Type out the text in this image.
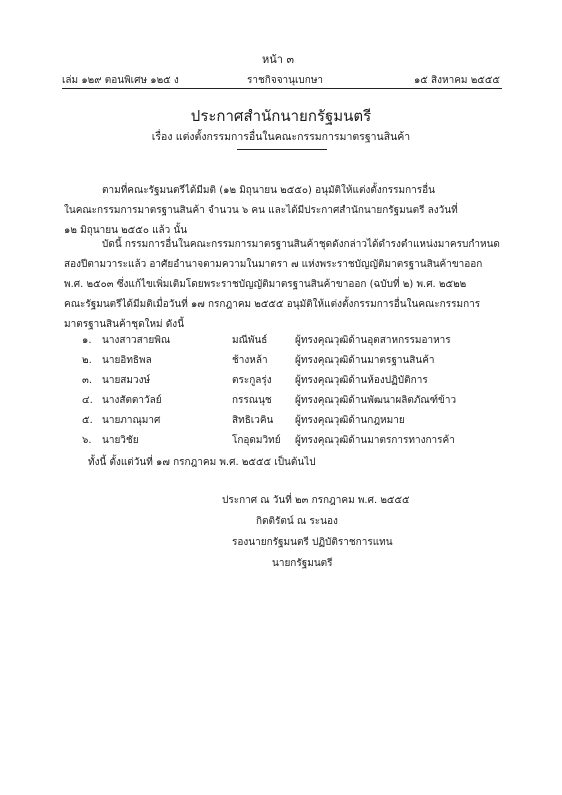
หน้า ๓
เล่ม ๑๒๙ ตอนพิเศษ ๑๒๕ ง	ราชกิจจานุเบกษา	๑๕ สิงหาคม ๒๕๕๕
ประกาศสำนักนายกรัฐมนตรี
เรื่อง แต่งตั้งกรรมการอื่นในคณะกรรมการมาตรฐานสินค้า
ตามที่คณะรัฐมนตรีได้มีมติ (๑๒ มิถุนายน ๒๕๕๐) อนุมัติให้แต่งตั้งกรรมการอื่น
ในคณะกรรมการมาตรฐานสินค้า จำนวน ๖ คน และได้มีประกาศสำนักนายกรัฐมนตรี ลงวันที่
๑๒ มิถุนายน ๒๕๕๐ แล้ว นั้น
บัดนี้ กรรมการอื่นในคณะกรรมการมาตรฐานสินค้าชุดดังกล่าวได้ดำรงตำแหน่งมาครบกำหนด
สองปีตามวาระแล้ว อาศัยอำนาจตามความในมาตรา ๗ แห่งพระราชบัญญัติมาตรฐานสินค้าขาออก
พ.ศ. ๒๕๐๓ ซึ่งแก้ไขเพิ่มเติมโดยพระราชบัญญัติมาตรฐานสินค้าขาออก (ฉบับที่ ๒) พ.ศ. ๒๕๒๒
คณะรัฐมนตรีได้มีมติเมื่อวันที่ ๑๗ กรกฎาคม ๒๕๕๕ อนุมัติให้แต่งตั้งกรรมการอื่นในคณะกรรมการ
มาตรฐานสินค้าชุดใหม่ ดังนี้
๑. นางสาวสายพิณ	มณีพันธ์	ผู้ทรงคุณวุฒิด้านอุตสาหกรรมอาหาร
๒. นายอิทธิพล	ช้างหล้า	ผู้ทรงคุณวุฒิด้านมาตรฐานสินค้า
๓. นายสมวงษ์	ตระกูลรุ่ง ผู้ทรงคุณวุฒิด้านห้องปฏิบัติการ
๔. นางสัตตาวัลย์	กรรณนุช ผู้ทรงคุณวุฒิด้านพัฒนาผลิตภัณฑ์ข้าว
๕. นายภาณุมาศ	สิทธิเวคิน ผู้ทรงคุณวุฒิด้านกฎหมาย
๖. นายวิชัย	โกอุดมวิทย์ ผู้ทรงคุณวุฒิด้านมาตรการทางการค้า
ทั้งนี้ ตั้งแต่วันที่ ๑๗ กรกฎาคม พ.ศ. ๒๕๕๕ เป็นต้นไป
ประกาศ ณ วันที่ ๒๓ กรกฎาคม พ.ศ. ๒๕๕๕
กิตติรัตน์ ณ ระนอง
รองนายกรัฐมนตรี ปฏิบัติราชการแทน
นายกรัฐมนตรี
